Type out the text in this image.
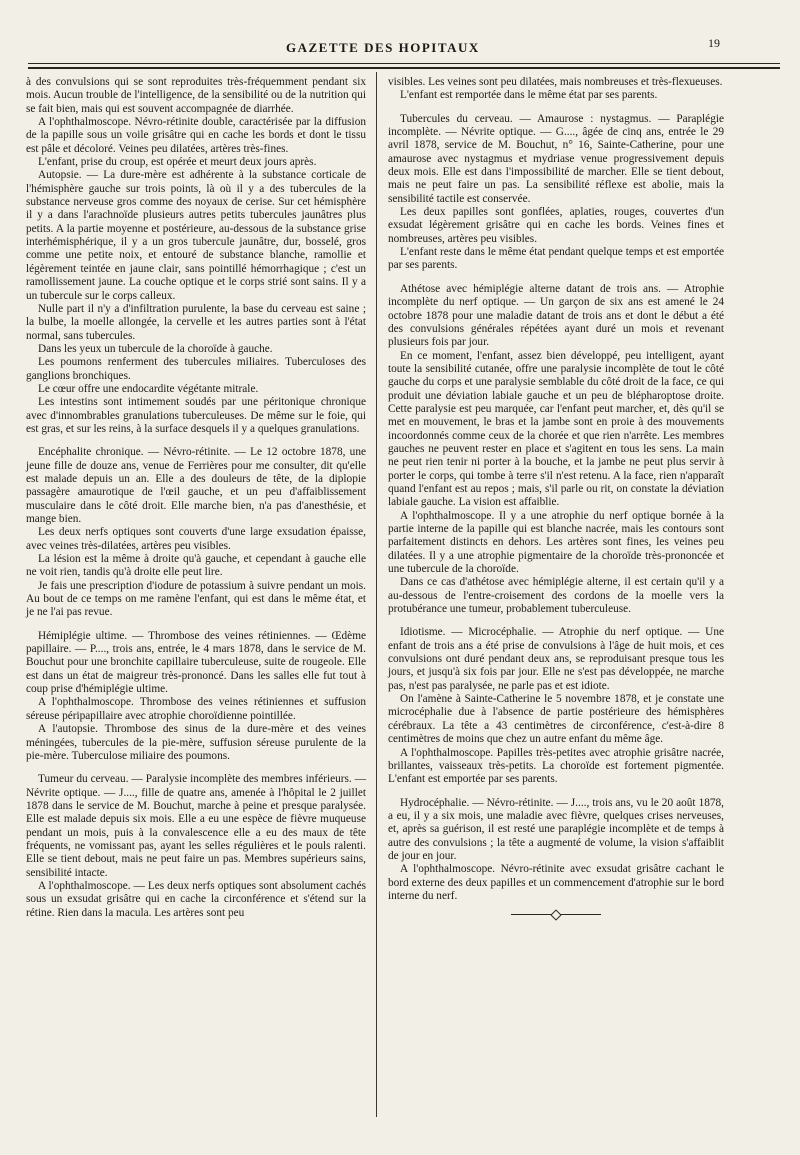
GAZETTE DES HOPITAUX	19

à des convulsions qui se sont reproduites très-fréquemment pendant six mois. Aucun trouble de l'intelligence, de la sensibilité ou de la nutrition qui se fait bien, mais qui est souvent accompagnée de diarrhée.

A l'ophthalmoscope. Névro-rétinite double, caractérisée par la diffusion de la papille sous un voile grisâtre qui en cache les bords et dont le tissu est pâle et décoloré. Veines peu dilatées, artères très-fines.

L'enfant, prise du croup, est opérée et meurt deux jours après.

Autopsie. — La dure-mère est adhérente à la substance corticale de l'hémisphère gauche sur trois points, là où il y a des tubercules de la substance nerveuse gros comme des noyaux de cerise. Sur cet hémisphère il y a dans l'arachnoïde plusieurs autres petits tubercules jaunâtres plus petits. A la partie moyenne et postérieure, au-dessous de la substance grise interhémisphérique, il y a un gros tubercule jaunâtre, dur, bosselé, gros comme une petite noix, et entouré de substance blanche, ramollie et légèrement teintée en jaune clair, sans pointillé hémorrhagique ; c'est un ramollissement jaune. La couche optique et le corps strié sont sains. Il y a un tubercule sur le corps calleux.

Nulle part il n'y a d'infiltration purulente, la base du cerveau est saine ; la bulbe, la moelle allongée, la cervelle et les autres parties sont à l'état normal, sans tubercules.

Dans les yeux un tubercule de la choroïde à gauche.

Les poumons renferment des tubercules miliaires. Tuberculoses des ganglions bronchiques.

Le cœur offre une endocardite végétante mitrale.

Les intestins sont intimement soudés par une péritonique chronique avec d'innombrables granulations tuberculeuses. De même sur le foie, qui est gras, et sur les reins, à la surface desquels il y a quelques granulations.

Encéphalite chronique. — Névro-rétinite. — Le 12 octobre 1878, une jeune fille de douze ans, venue de Ferrières pour me consulter, dit qu'elle est malade depuis un an. Elle a des douleurs de tête, de la diplopie passagère amaurotique de l'œil gauche, et un peu d'affaiblissement musculaire dans le côté droit. Elle marche bien, n'a pas d'anesthésie, et mange bien.

Les deux nerfs optiques sont couverts d'une large exsudation épaisse, avec veines très-dilatées, artères peu visibles.

La lésion est la même à droite qu'à gauche, et cependant à gauche elle ne voit rien, tandis qu'à droite elle peut lire.

Je fais une prescription d'iodure de potassium à suivre pendant un mois. Au bout de ce temps on me ramène l'enfant, qui est dans le même état, et je ne l'ai pas revue.

Hémiplégie ultime. — Thrombose des veines rétiniennes. — Œdème papillaire. — P...., trois ans, entrée, le 4 mars 1878, dans le service de M. Bouchut pour une bronchite capillaire tuberculeuse, suite de rougeole. Elle est dans un état de maigreur très-prononcé. Dans les salles elle fut tout à coup prise d'hémiplégie ultime.

A l'ophthalmoscope. Thrombose des veines rétiniennes et suffusion séreuse péripapillaire avec atrophie choroïdienne pointillée.

A l'autopsie. Thrombose des sinus de la dure-mère et des veines méningées, tubercules de la pie-mère, suffusion séreuse purulente de la pie-mère. Tuberculose miliaire des poumons.

Tumeur du cerveau. — Paralysie incomplète des membres inférieurs. — Névrite optique. — J...., fille de quatre ans, amenée à l'hôpital le 2 juillet 1878 dans le service de M. Bouchut, marche à peine et presque paralysée. Elle est malade depuis six mois. Elle a eu une espèce de fièvre muqueuse pendant un mois, puis à la convalescence elle a eu des maux de tête fréquents, ne vomissant pas, ayant les selles régulières et le pouls ralenti. Elle se tient debout, mais ne peut faire un pas. Membres supérieurs sains, sensibilité intacte.

A l'ophthalmoscope. — Les deux nerfs optiques sont absolument cachés sous un exsudat grisâtre qui en cache la circonférence et s'étend sur la rétine. Rien dans la macula. Les artères sont peu

visibles. Les veines sont peu dilatées, mais nombreuses et très-flexueuses.

L'enfant est remportée dans le même état par ses parents.

Tubercules du cerveau. — Amaurose : nystagmus. — Paraplégie incomplète. — Névrite optique. — G...., âgée de cinq ans, entrée le 29 avril 1878, service de M. Bouchut, n° 16, Sainte-Catherine, pour une amaurose avec nystagmus et mydriase venue progressivement depuis deux mois. Elle est dans l'impossibilité de marcher. Elle se tient debout, mais ne peut faire un pas. La sensibilité réflexe est abolie, mais la sensibilité tactile est conservée.

Les deux papilles sont gonflées, aplaties, rouges, couvertes d'un exsudat légèrement grisâtre qui en cache les bords. Veines fines et nombreuses, artères peu visibles.

L'enfant reste dans le même état pendant quelque temps et est emportée par ses parents.

Athétose avec hémiplégie alterne datant de trois ans. — Atrophie incomplète du nerf optique. — Un garçon de six ans est amené le 24 octobre 1878 pour une maladie datant de trois ans et dont le début a été des convulsions générales répétées ayant duré un mois et revenant plusieurs fois par jour.

En ce moment, l'enfant, assez bien développé, peu intelligent, ayant toute la sensibilité cutanée, offre une paralysie incomplète de tout le côté gauche du corps et une paralysie semblable du côté droit de la face, ce qui produit une déviation labiale gauche et un peu de blépharoptose droite. Cette paralysie est peu marquée, car l'enfant peut marcher, et, dès qu'il se met en mouvement, le bras et la jambe sont en proie à des mouvements incoordonnés comme ceux de la chorée et que rien n'arrête. Les membres gauches ne peuvent rester en place et s'agitent en tous les sens. La main ne peut rien tenir ni porter à la bouche, et la jambe ne peut plus servir à porter le corps, qui tombe à terre s'il n'est retenu. A la face, rien n'apparaît quand l'enfant est au repos ; mais, s'il parle ou rit, on constate la déviation labiale gauche. La vision est affaiblie.

A l'ophthalmoscope. Il y a une atrophie du nerf optique bornée à la partie interne de la papille qui est blanche nacrée, mais les contours sont parfaitement distincts en dehors. Les artères sont fines, les veines peu dilatées. Il y a une atrophie pigmentaire de la choroïde très-prononcée et une tubercule de la choroïde.

Dans ce cas d'athétose avec hémiplégie alterne, il est certain qu'il y a au-dessous de l'entre-croisement des cordons de la moelle vers la protubérance une tumeur, probablement tuberculeuse.

Idiotisme. — Microcéphalie. — Atrophie du nerf optique. — Une enfant de trois ans a été prise de convulsions à l'âge de huit mois, et ces convulsions ont duré pendant deux ans, se reproduisant presque tous les jours, et jusqu'à six fois par jour. Elle ne s'est pas développée, ne marche pas, n'est pas paralysée, ne parle pas et est idiote.

On l'amène à Sainte-Catherine le 5 novembre 1878, et je constate une microcéphalie due à l'absence de partie postérieure des hémisphères cérébraux. La tête a 43 centimètres de circonférence, c'est-à-dire 8 centimètres de moins que chez un autre enfant du même âge.

A l'ophthalmoscope. Papilles très-petites avec atrophie grisâtre nacrée, brillantes, vaisseaux très-petits. La choroïde est fortement pigmentée. L'enfant est emportée par ses parents.

Hydrocéphalie. — Névro-rétinite. — J...., trois ans, vu le 20 août 1878, a eu, il y a six mois, une maladie avec fièvre, quelques crises nerveuses, et, après sa guérison, il est resté une paraplégie incomplète et de temps à autre des convulsions ; la tête a augmenté de volume, la vision s'affaiblit de jour en jour.

A l'ophthalmoscope. Névro-rétinite avec exsudat grisâtre cachant le bord externe des deux papilles et un commencement d'atrophie sur le bord interne du nerf.
